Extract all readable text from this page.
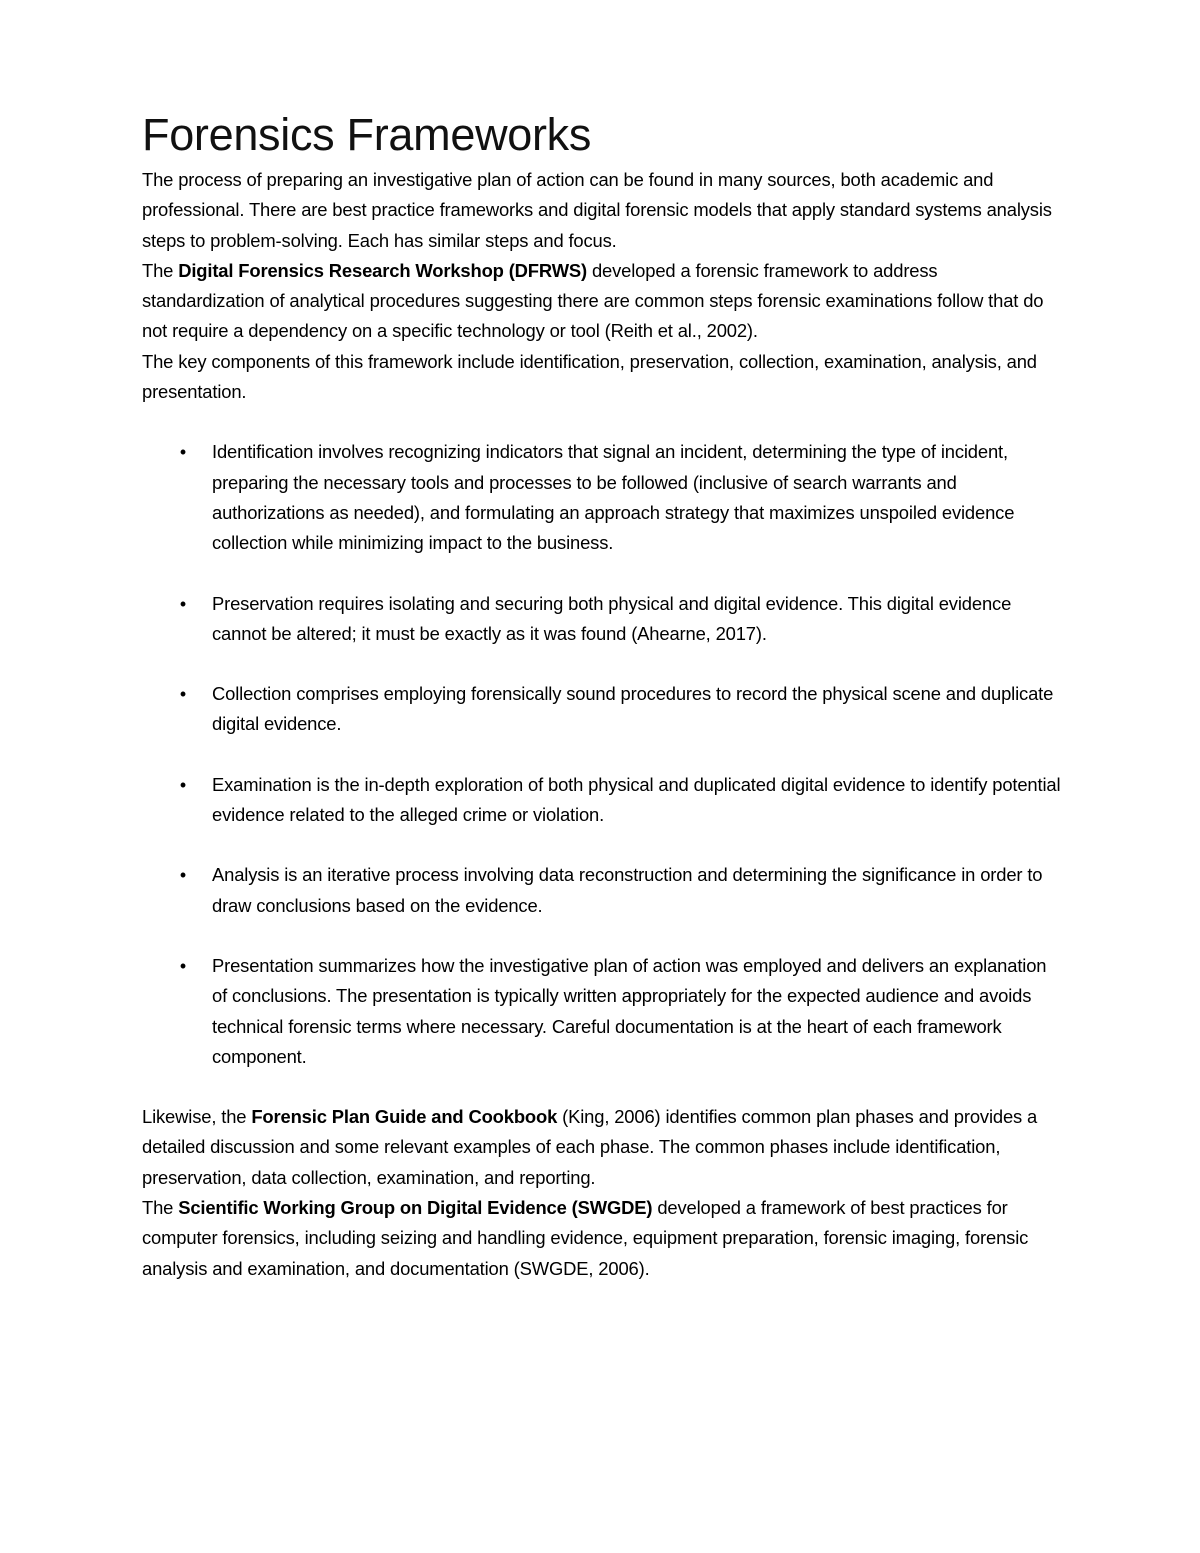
Forensics Frameworks

The process of preparing an investigative plan of action can be found in many sources, both academic and professional. There are best practice frameworks and digital forensic models that apply standard systems analysis steps to problem-solving. Each has similar steps and focus.

The Digital Forensics Research Workshop (DFRWS) developed a forensic framework to address standardization of analytical procedures suggesting there are common steps forensic examinations follow that do not require a dependency on a specific technology or tool (Reith et al., 2002).

The key components of this framework include identification, preservation, collection, examination, analysis, and presentation.

• Identification involves recognizing indicators that signal an incident, determining the type of incident, preparing the necessary tools and processes to be followed (inclusive of search warrants and authorizations as needed), and formulating an approach strategy that maximizes unspoiled evidence collection while minimizing impact to the business.
• Preservation requires isolating and securing both physical and digital evidence. This digital evidence cannot be altered; it must be exactly as it was found (Ahearne, 2017).
• Collection comprises employing forensically sound procedures to record the physical scene and duplicate digital evidence.
• Examination is the in-depth exploration of both physical and duplicated digital evidence to identify potential evidence related to the alleged crime or violation.
• Analysis is an iterative process involving data reconstruction and determining the significance in order to draw conclusions based on the evidence.
• Presentation summarizes how the investigative plan of action was employed and delivers an explanation of conclusions. The presentation is typically written appropriately for the expected audience and avoids technical forensic terms where necessary. Careful documentation is at the heart of each framework component.

Likewise, the Forensic Plan Guide and Cookbook (King, 2006) identifies common plan phases and provides a detailed discussion and some relevant examples of each phase. The common phases include identification, preservation, data collection, examination, and reporting.

The Scientific Working Group on Digital Evidence (SWGDE) developed a framework of best practices for computer forensics, including seizing and handling evidence, equipment preparation, forensic imaging, forensic analysis and examination, and documentation (SWGDE, 2006).
